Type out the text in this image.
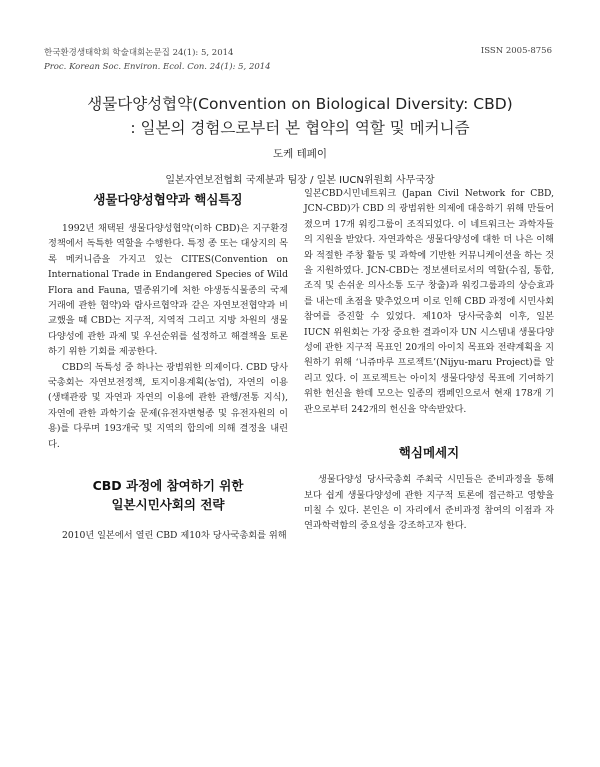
한국환경생태학회 학술대회논문집 24(1): 5, 2014
Proc. Korean Soc. Environ. Ecol. Con. 24(1): 5, 2014
ISSN 2005-8756
생물다양성협약(Convention on Biological Diversity: CBD)
: 일본의 경험으로부터 본 협약의 역할 및 메커니즘
도케 테페이
일본자연보전협회 국제분과 팀장 / 일본 IUCN위원회 사무국장
생물다양성협약과 핵심특징

1992년 채택된 생물다양성협약(이하 CBD)은 지구환경정책에서 독특한 역할을 수행한다. 특정 종 또는 대상지의 목록 메커니즘을 가지고 있는 CITES(Convention on International Trade in Endangered Species of Wild Flora and Fauna, 멸종위기에 처한 야생동식물종의 국제거래에 관한 협약)와 람사르협약과 같은 자연보전협약과 비교했을 때 CBD는 지구적, 지역적 그리고 지방 차원의 생물다양성에 관한 과제 및 우선순위를 설정하고 해결책을 토론하기 위한 기회를 제공한다.

CBD의 독특성 중 하나는 광범위한 의제이다. CBD 당사국총회는 자연보전정책, 토지이용계획(농업), 자연의 이용(생태관광 및 자연과 자연의 이용에 관한 관행/전통 지식), 자연에 관한 과학기술 문제(유전자변형종 및 유전자원의 이용)를 다루며 193개국 및 지역의 합의에 의해 결정을 내린다.

CBD 과정에 참여하기 위한
일본시민사회의 전략

2010년 일본에서 열린 CBD 제10차 당사국총회를 위해

일본CBD시민네트워크 (Japan Civil Network for CBD, JCN-CBD)가 CBD 의 광범위한 의제에 대응하기 위해 만들어졌으며 17개 워킹그룹이 조직되었다. 이 네트워크는 과학자들의 지원을 받았다. 자연과학은 생물다양성에 대한 더 나은 이해와 적절한 주창 활동 및 과학에 기반한 커뮤니케이션을 하는 것을 지원하였다. JCN-CBD는 정보센터로서의 역할(수집, 통합, 조직 및 손쉬운 의사소통 도구 창출)과 워킹그룹과의 상승효과를 내는데 초점을 맞추었으며 이로 인해 CBD 과정에 시민사회 참여를 증진할 수 있었다. 제10차 당사국총회 이후, 일본 IUCN 위원회는 가장 중요한 결과이자 UN 시스템내 생물다양성에 관한 지구적 목표인 20개의 아이치 목표와 전략계획을 지원하기 위해 ‘니쥬마루 프로젝트’(Nijyu-maru Project)를 알리고 있다. 이 프로젝트는 아이치 생물다양성 목표에 기여하기 위한 헌신을 한데 모으는 일종의 캠페인으로서 현재 178개 기관으로부터 242개의 헌신을 약속받았다.

핵심메세지

생물다양성 당사국총회 주최국 시민들은 준비과정을 통해 보다 쉽게 생물다양성에 관한 지구적 토론에 접근하고 영향을 미칠 수 있다. 본인은 이 자리에서 준비과정 참여의 이점과 자연과학력함의 중요성을 강조하고자 한다.
